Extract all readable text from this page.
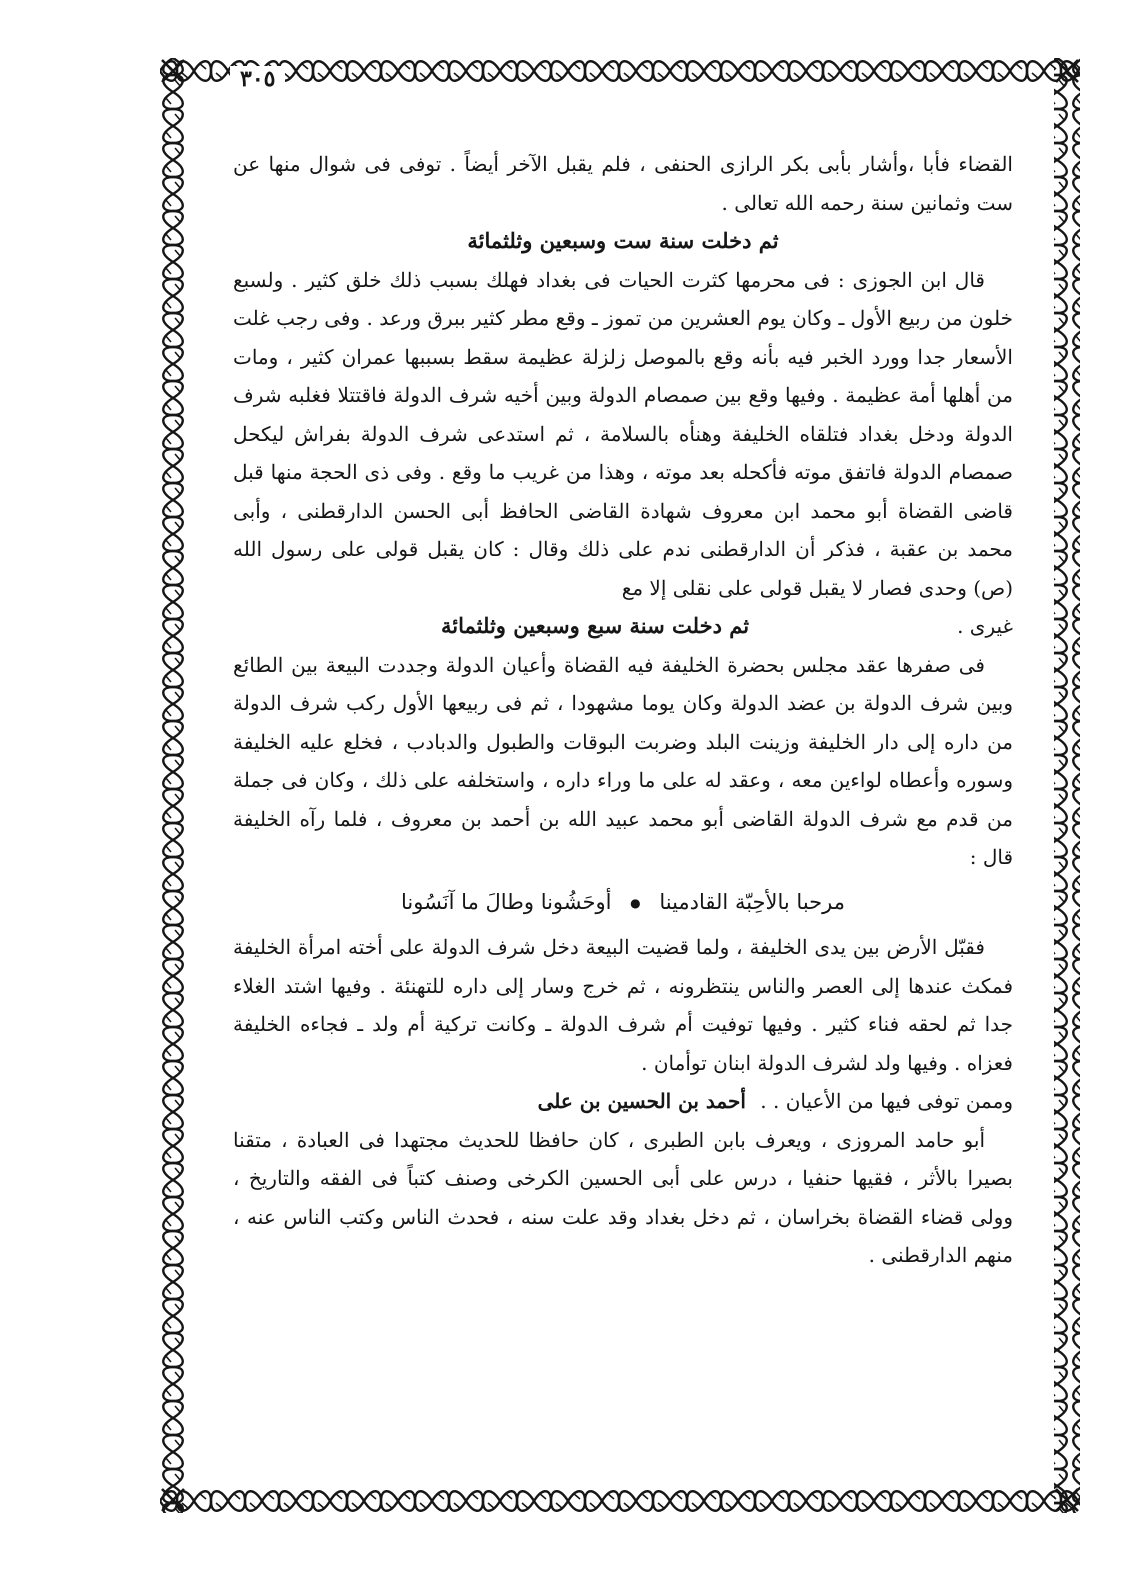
٣٠٥

القضاء فأبا ،وأشار بأبى بكر الرازى الحنفى ، فلم يقبل الآخر أيضاً . توفى فى شوال منها عن ست وثمانين سنة رحمه الله تعالى .

ثم دخلت سنة ست وسبعين وثلثمائة

قال ابن الجوزى : فى محرمها كثرت الحيات فى بغداد فهلك بسبب ذلك خلق كثير . ولسبع خلون من ربيع الأول ـ وكان يوم العشرين من تموز ـ وقع مطر كثير ببرق ورعد . وفى رجب غلت الأسعار جدا وورد الخبر فيه بأنه وقع بالموصل زلزلة عظيمة سقط بسببها عمران كثير ، ومات من أهلها أمة عظيمة . وفيها وقع بين صمصام الدولة وبين أخيه شرف الدولة فاقتتلا فغلبه شرف الدولة ودخل بغداد فتلقاه الخليفة وهنأه بالسلامة ، ثم استدعى شرف الدولة بفراش ليكحل صمصام الدولة فاتفق موته فأكحله بعد موته ، وهذا من غريب ما وقع . وفى ذى الحجة منها قبل قاضى القضاة أبو محمد ابن معروف شهادة القاضى الحافظ أبى الحسن الدارقطنى ، وأبى محمد بن عقبة ، فذكر أن الدارقطنى ندم على ذلك وقال : كان يقبل قولى على رسول الله (ص) وحدى فصار لا يقبل قولى على نقلى إلا مع

غيرى .
ثم دخلت سنة سبع وسبعين وثلثمائة

فى صفرها عقد مجلس بحضرة الخليفة فيه القضاة وأعيان الدولة وجددت البيعة بين الطائع وبين شرف الدولة بن عضد الدولة وكان يوما مشهودا ، ثم فى ربيعها الأول ركب شرف الدولة من داره إلى دار الخليفة وزينت البلد وضربت البوقات والطبول والدبادب ، فخلع عليه الخليفة وسوره وأعطاه لواءين معه ، وعقد له على ما وراء داره ، واستخلفه على ذلك ، وكان فى جملة من قدم مع شرف الدولة القاضى أبو محمد عبيد الله بن أحمد بن معروف ، فلما رآه الخليفة قال :

مرحبا بالأحِبّة القادمينا ● أوحَشُونا وطالَ ما آنَسُونا

فقبّل الأرض بين يدى الخليفة ، ولما قضيت البيعة دخل شرف الدولة على أخته امرأة الخليفة فمكث عندها إلى العصر والناس ينتظرونه ، ثم خرج وسار إلى داره للتهنئة . وفيها اشتد الغلاء جدا ثم لحقه فناء كثير . وفيها توفيت أم شرف الدولة ـ وكانت تركية أم ولد ـ فجاءه الخليفة فعزاه . وفيها ولد لشرف الدولة ابنان توأمان .

وممن توفى فيها من الأعيان . . أحمد بن الحسين بن على

أبو حامد المروزى ، ويعرف بابن الطبرى ، كان حافظا للحديث مجتهدا فى العبادة ، متقنا بصيرا بالأثر ، فقيها حنفيا ، درس على أبى الحسين الكرخى وصنف كتباً فى الفقه والتاريخ ، وولى قضاء القضاة بخراسان ، ثم دخل بغداد وقد علت سنه ، فحدث الناس وكتب الناس عنه ، منهم الدارقطنى .
